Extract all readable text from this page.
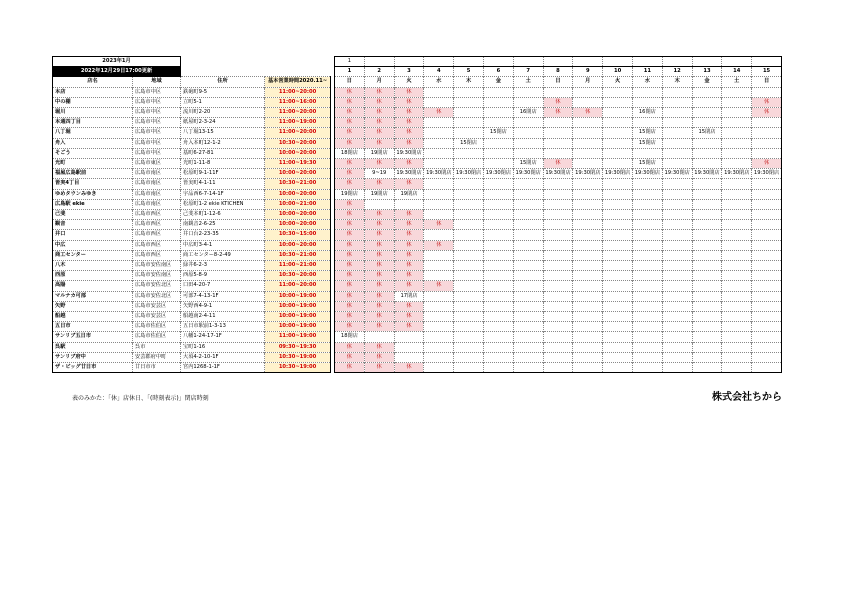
2023年1月					1														
2022年12月29日17:00更新					1	2	3	4	5	6	7	8	9	10	11	12	13	14	15
店名	地域	住所	基本営業時間2020.11~		日	月	火	水	木	金	土	日	月	火	水	木	金	土	日
本店	広島市中区	鉄砲町9-5	11:00~20:00		休	休	休												
中の棚	広島市中区	立町5-1	11:00~16:00		休	休	休					休							休
堀川	広島市中区	流川町2-20	11:00~20:00		休	休	休	休			16閉店	休	休		16閉店				休
本通四丁目	広島市中区	紙屋町2-3-24	11:00~19:00		休	休	休												
八丁堀	広島市中区	八丁堀13-15	11:00~20:00		休	休	休			15閉店					15閉店		15閉店		
舟入	広島市中区	舟入本町12-1-2	10:30~20:00		休	休	休		15閉店						15閉店				
そごう	広島市中区	基町6-27-81	10:00~20:00		18閉店	19閉店	19:30閉店												
光町	広島市東区	光町1-11-8	11:00~19:30		休	休	休				15閉店	休			15閉店				休
福屋広島駅前	広島市南区	松原町9-1-11F	10:00~20:00		休	9~19	19:30閉店	19:30閉店	19:30閉店	19:30閉店	19:30閉店	19:30閉店	19:30閉店	19:30閉店	19:30閉店	19:30閉店	19:30閉店	19:30閉店	19:30閉店
皆実4丁目	広島市南区	皆実町4-1-11	10:30~21:00		休	休	休												
ゆめタウンみゆき	広島市南区	宇品西6-7-14-1F	10:00~20:00		19閉店	19閉店	19閉店												
広島駅 ekie	広島市南区	松原町1-2 ekie KTICHEN	10:00~21:00		休														
己斐	広島市西区	己斐本町1-12-6	10:00~20:00		休	休	休												
観音	広島市西区	南観音2-6-25	10:00~20:00		休	休	休	休											
井口	広島市西区	井口台2-23-35	10:30~15:00		休	休	休												
中広	広島市西区	中広町3-4-1	10:00~20:00		休	休	休	休											
商工センター	広島市西区	商工センター8-2-49	10:30~21:00		休	休	休												
八木	広島市安佐南区	緑井6-2-3	11:00~21:00		休	休	休												
西原	広島市安佐南区	西原5-8-9	10:30~20:00		休	休	休												
高陽	広島市安佐北区	口田4-20-7	11:00~20:00		休	休	休	休											
マルナカ可部	広島市安佐北区	可部7-4-13-1F	10:00~19:00		休	休	17閉店												
矢野	広島市安芸区	矢野西4-9-1	10:00~19:00		休	休	休												
船越	広島市安芸区	船越南2-4-11	10:00~19:00		休	休	休												
五日市	広島市佐伯区	五日市駅前1-3-13	10:00~19:00		休	休	休												
サンリブ五日市	広島市佐伯区	八幡1-24-17-1F	11:00~19:00		18閉店														
呉駅	呉市	宝町1-16	09:30~19:30		休	休													
サンリブ府中	安芸郡府中町	大須4-2-10-1F	10:30~19:00		休	休													
ザ・ビッグ廿日市	廿日市市	宮内1268-1-1F	10:30~19:00		休	休	休												
表のみかた：「休」店休日、「(時刻表示)」閉店時刻	株式会社ちから
